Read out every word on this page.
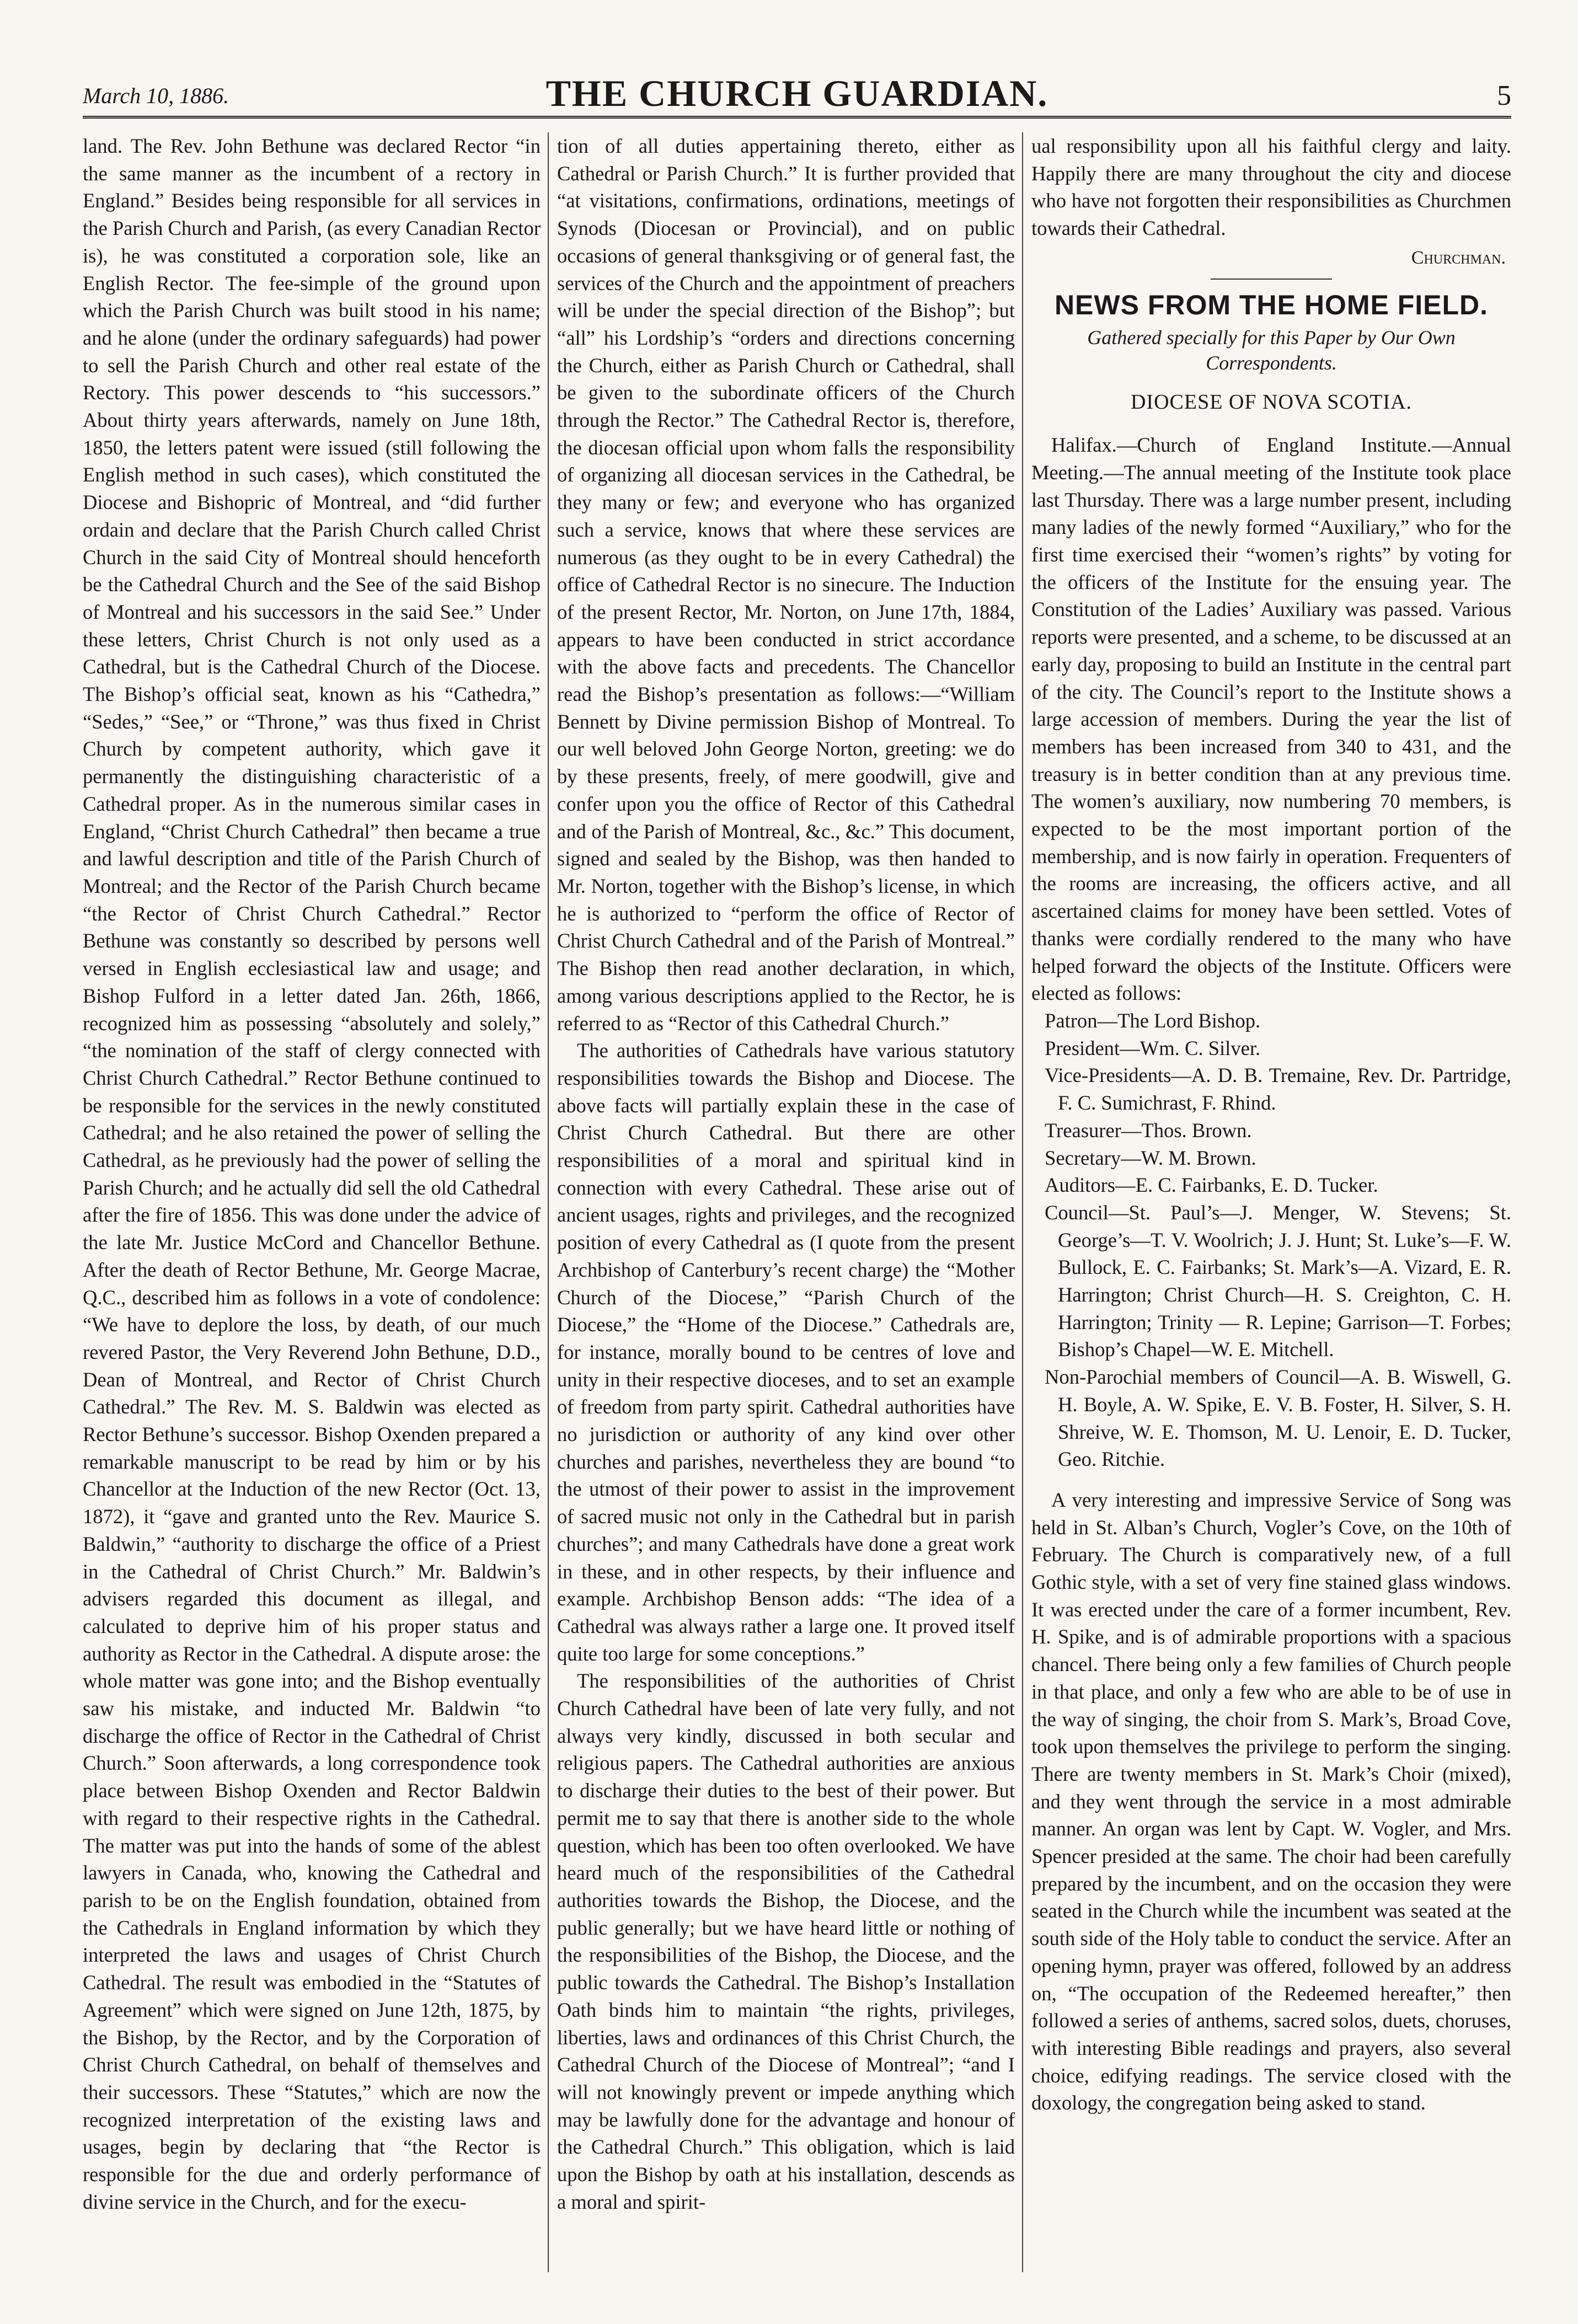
March 10, 1886.	THE CHURCH GUARDIAN.	5

land. The Rev. John Bethune was declared Rector “in the same manner as the incumbent of a rectory in England.” Besides being responsible for all services in the Parish Church and Parish, (as every Canadian Rector is), he was constituted a corporation sole, like an English Rector. The fee-simple of the ground upon which the Parish Church was built stood in his name; and he alone (under the ordinary safeguards) had power to sell the Parish Church and other real estate of the Rectory. This power descends to “his successors.” About thirty years afterwards, namely on June 18th, 1850, the letters patent were issued (still following the English method in such cases), which constituted the Diocese and Bishopric of Montreal, and “did further ordain and declare that the Parish Church called Christ Church in the said City of Montreal should henceforth be the Cathedral Church and the See of the said Bishop of Montreal and his successors in the said See.” Under these letters, Christ Church is not only used as a Cathedral, but is the Cathedral Church of the Diocese. The Bishop’s official seat, known as his “Cathedra,” “Sedes,” “See,” or “Throne,” was thus fixed in Christ Church by competent authority, which gave it permanently the distinguishing characteristic of a Cathedral proper. As in the numerous similar cases in England, “Christ Church Cathedral” then became a true and lawful description and title of the Parish Church of Montreal; and the Rector of the Parish Church became “the Rector of Christ Church Cathedral.” Rector Bethune was constantly so described by persons well versed in English ecclesiastical law and usage; and Bishop Fulford in a letter dated Jan. 26th, 1866, recognized him as possessing “absolutely and solely,” “the nomination of the staff of clergy connected with Christ Church Cathedral.” Rector Bethune continued to be responsible for the services in the newly constituted Cathedral; and he also retained the power of selling the Cathedral, as he previously had the power of selling the Parish Church; and he actually did sell the old Cathedral after the fire of 1856. This was done under the advice of the late Mr. Justice McCord and Chancellor Bethune. After the death of Rector Bethune, Mr. George Macrae, Q.C., described him as follows in a vote of condolence: “We have to deplore the loss, by death, of our much revered Pastor, the Very Reverend John Bethune, D.D., Dean of Montreal, and Rector of Christ Church Cathedral.” The Rev. M. S. Baldwin was elected as Rector Bethune’s successor. Bishop Oxenden prepared a remarkable manuscript to be read by him or by his Chancellor at the Induction of the new Rector (Oct. 13, 1872), it “gave and granted unto the Rev. Maurice S. Baldwin,” “authority to discharge the office of a Priest in the Cathedral of Christ Church.” Mr. Baldwin’s advisers regarded this document as illegal, and calculated to deprive him of his proper status and authority as Rector in the Cathedral. A dispute arose: the whole matter was gone into; and the Bishop eventually saw his mistake, and inducted Mr. Baldwin “to discharge the office of Rector in the Cathedral of Christ Church.” Soon afterwards, a long correspondence took place between Bishop Oxenden and Rector Baldwin with regard to their respective rights in the Cathedral. The matter was put into the hands of some of the ablest lawyers in Canada, who, knowing the Cathedral and parish to be on the English foundation, obtained from the Cathedrals in England information by which they interpreted the laws and usages of Christ Church Cathedral. The result was embodied in the “Statutes of Agreement” which were signed on June 12th, 1875, by the Bishop, by the Rector, and by the Corporation of Christ Church Cathedral, on behalf of themselves and their successors. These “Statutes,” which are now the recognized interpretation of the existing laws and usages, begin by declaring that “the Rector is responsible for the due and orderly performance of divine service in the Church, and for the execu-

tion of all duties appertaining thereto, either as Cathedral or Parish Church.” It is further provided that “at visitations, confirmations, ordinations, meetings of Synods (Diocesan or Provincial), and on public occasions of general thanksgiving or of general fast, the services of the Church and the appointment of preachers will be under the special direction of the Bishop”; but “all” his Lordship’s “orders and directions concerning the Church, either as Parish Church or Cathedral, shall be given to the subordinate officers of the Church through the Rector.” The Cathedral Rector is, therefore, the diocesan official upon whom falls the responsibility of organizing all diocesan services in the Cathedral, be they many or few; and everyone who has organized such a service, knows that where these services are numerous (as they ought to be in every Cathedral) the office of Cathedral Rector is no sinecure. The Induction of the present Rector, Mr. Norton, on June 17th, 1884, appears to have been conducted in strict accordance with the above facts and precedents. The Chancellor read the Bishop’s presentation as follows:—“William Bennett by Divine permission Bishop of Montreal. To our well beloved John George Norton, greeting: we do by these presents, freely, of mere goodwill, give and confer upon you the office of Rector of this Cathedral and of the Parish of Montreal, &c., &c.” This document, signed and sealed by the Bishop, was then handed to Mr. Norton, together with the Bishop’s license, in which he is authorized to “perform the office of Rector of Christ Church Cathedral and of the Parish of Montreal.” The Bishop then read another declaration, in which, among various descriptions applied to the Rector, he is referred to as “Rector of this Cathedral Church.”

The authorities of Cathedrals have various statutory responsibilities towards the Bishop and Diocese. The above facts will partially explain these in the case of Christ Church Cathedral. But there are other responsibilities of a moral and spiritual kind in connection with every Cathedral. These arise out of ancient usages, rights and privileges, and the recognized position of every Cathedral as (I quote from the present Archbishop of Canterbury’s recent charge) the “Mother Church of the Diocese,” “Parish Church of the Diocese,” the “Home of the Diocese.” Cathedrals are, for instance, morally bound to be centres of love and unity in their respective dioceses, and to set an example of freedom from party spirit. Cathedral authorities have no jurisdiction or authority of any kind over other churches and parishes, nevertheless they are bound “to the utmost of their power to assist in the improvement of sacred music not only in the Cathedral but in parish churches”; and many Cathedrals have done a great work in these, and in other respects, by their influence and example. Archbishop Benson adds: “The idea of a Cathedral was always rather a large one. It proved itself quite too large for some conceptions.”

The responsibilities of the authorities of Christ Church Cathedral have been of late very fully, and not always very kindly, discussed in both secular and religious papers. The Cathedral authorities are anxious to discharge their duties to the best of their power. But permit me to say that there is another side to the whole question, which has been too often overlooked. We have heard much of the responsibilities of the Cathedral authorities towards the Bishop, the Diocese, and the public generally; but we have heard little or nothing of the responsibilities of the Bishop, the Diocese, and the public towards the Cathedral. The Bishop’s Installation Oath binds him to maintain “the rights, privileges, liberties, laws and ordinances of this Christ Church, the Cathedral Church of the Diocese of Montreal”; “and I will not knowingly prevent or impede anything which may be lawfully done for the advantage and honour of the Cathedral Church.” This obligation, which is laid upon the Bishop by oath at his installation, descends as a moral and spirit-

ual responsibility upon all his faithful clergy and laity. Happily there are many throughout the city and diocese who have not forgotten their responsibilities as Churchmen towards their Cathedral.

Churchman.
NEWS FROM THE HOME FIELD.
Gathered specially for this Paper by Our Own Correspondents.
DIOCESE OF NOVA SCOTIA.

Halifax.—Church of England Institute.—Annual Meeting.—The annual meeting of the Institute took place last Thursday. There was a large number present, including many ladies of the newly formed “Auxiliary,” who for the first time exercised their “women’s rights” by voting for the officers of the Institute for the ensuing year. The Constitution of the Ladies’ Auxiliary was passed. Various reports were presented, and a scheme, to be discussed at an early day, proposing to build an Institute in the central part of the city. The Council’s report to the Institute shows a large accession of members. During the year the list of members has been increased from 340 to 431, and the treasury is in better condition than at any previous time. The women’s auxiliary, now numbering 70 members, is expected to be the most important portion of the membership, and is now fairly in operation. Frequenters of the rooms are increasing, the officers active, and all ascertained claims for money have been settled. Votes of thanks were cordially rendered to the many who have helped forward the objects of the Institute. Officers were elected as follows:

Patron—The Lord Bishop.
President—Wm. C. Silver.
Vice-Presidents—A. D. B. Tremaine, Rev. Dr. Partridge, F. C. Sumichrast, F. Rhind.
Treasurer—Thos. Brown.
Secretary—W. M. Brown.
Auditors—E. C. Fairbanks, E. D. Tucker.
Council—St. Paul’s—J. Menger, W. Stevens; St. George’s—T. V. Woolrich; J. J. Hunt; St. Luke’s—F. W. Bullock, E. C. Fairbanks; St. Mark’s—A. Vizard, E. R. Harrington; Christ Church—H. S. Creighton, C. H. Harrington; Trinity — R. Lepine; Garrison—T. Forbes; Bishop’s Chapel—W. E. Mitchell.
Non-Parochial members of Council—A. B. Wiswell, G. H. Boyle, A. W. Spike, E. V. B. Foster, H. Silver, S. H. Shreive, W. E. Thomson, M. U. Lenoir, E. D. Tucker, Geo. Ritchie.

A very interesting and impressive Service of Song was held in St. Alban’s Church, Vogler’s Cove, on the 10th of February. The Church is comparatively new, of a full Gothic style, with a set of very fine stained glass windows. It was erected under the care of a former incumbent, Rev. H. Spike, and is of admirable proportions with a spacious chancel. There being only a few families of Church people in that place, and only a few who are able to be of use in the way of singing, the choir from S. Mark’s, Broad Cove, took upon themselves the privilege to perform the singing. There are twenty members in St. Mark’s Choir (mixed), and they went through the service in a most admirable manner. An organ was lent by Capt. W. Vogler, and Mrs. Spencer presided at the same. The choir had been carefully prepared by the incumbent, and on the occasion they were seated in the Church while the incumbent was seated at the south side of the Holy table to conduct the service. After an opening hymn, prayer was offered, followed by an address on, “The occupation of the Redeemed hereafter,” then followed a series of anthems, sacred solos, duets, choruses, with interesting Bible readings and prayers, also several choice, edifying readings. The service closed with the doxology, the congregation being asked to stand.
